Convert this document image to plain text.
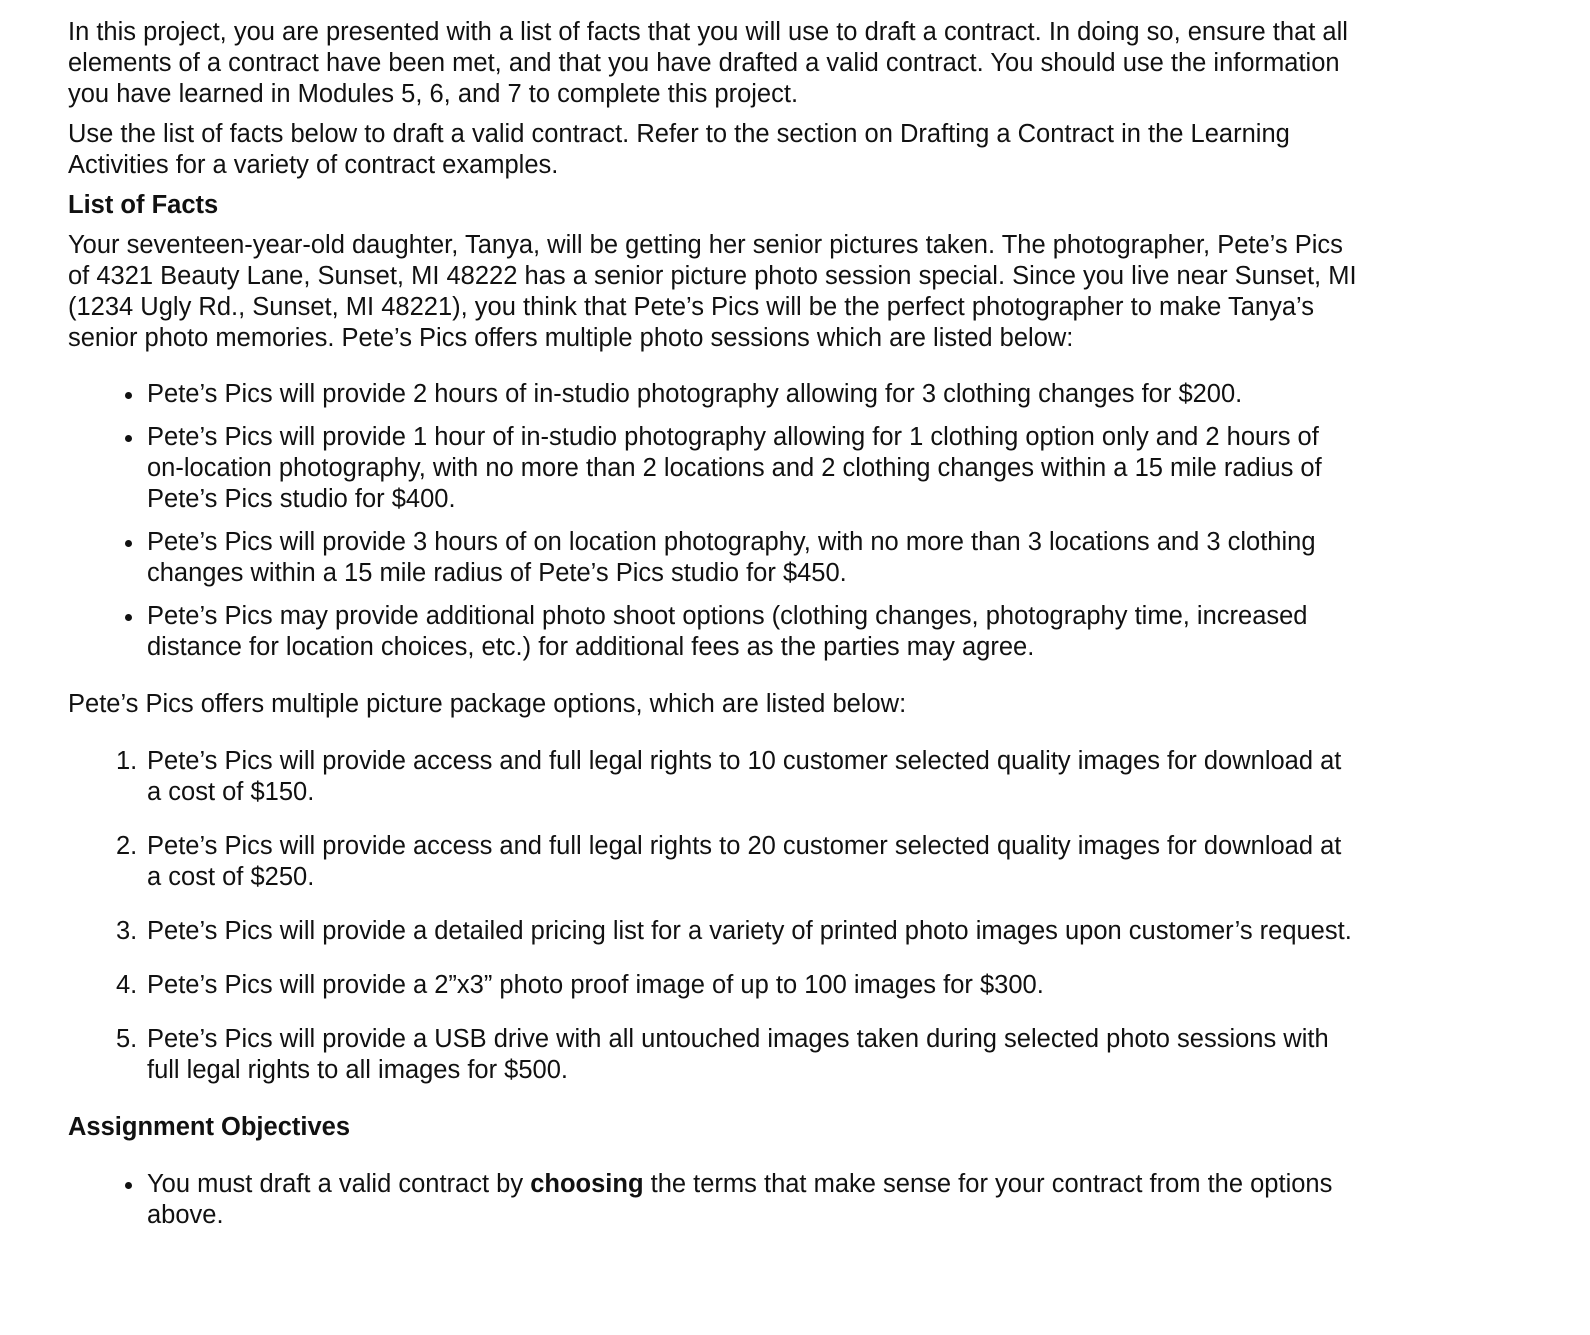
In this project, you are presented with a list of facts that you will use to draft a contract. In doing so, ensure that all elements of a contract have been met, and that you have drafted a valid contract. You should use the information you have learned in Modules 5, 6, and 7 to complete this project.

Use the list of facts below to draft a valid contract. Refer to the section on Drafting a Contract in the Learning Activities for a variety of contract examples.

List of Facts

Your seventeen-year-old daughter, Tanya, will be getting her senior pictures taken. The photographer, Pete’s Pics of 4321 Beauty Lane, Sunset, MI 48222 has a senior picture photo session special. Since you live near Sunset, MI (1234 Ugly Rd., Sunset, MI 48221), you think that Pete’s Pics will be the perfect photographer to make Tanya’s senior photo memories. Pete’s Pics offers multiple photo sessions which are listed below:

Pete’s Pics will provide 2 hours of in-studio photography allowing for 3 clothing changes for $200.
Pete’s Pics will provide 1 hour of in-studio photography allowing for 1 clothing option only and 2 hours of on-location photography, with no more than 2 locations and 2 clothing changes within a 15 mile radius of Pete’s Pics studio for $400.
Pete’s Pics will provide 3 hours of on location photography, with no more than 3 locations and 3 clothing changes within a 15 mile radius of Pete’s Pics studio for $450.
Pete’s Pics may provide additional photo shoot options (clothing changes, photography time, increased distance for location choices, etc.) for additional fees as the parties may agree.

Pete’s Pics offers multiple picture package options, which are listed below:

1. Pete’s Pics will provide access and full legal rights to 10 customer selected quality images for download at a cost of $150.
2. Pete’s Pics will provide access and full legal rights to 20 customer selected quality images for download at a cost of $250.
3. Pete’s Pics will provide a detailed pricing list for a variety of printed photo images upon customer’s request.
4. Pete’s Pics will provide a 2”x3” photo proof image of up to 100 images for $300.
5. Pete’s Pics will provide a USB drive with all untouched images taken during selected photo sessions with full legal rights to all images for $500.

Assignment Objectives

You must draft a valid contract by choosing the terms that make sense for your contract from the options above.
